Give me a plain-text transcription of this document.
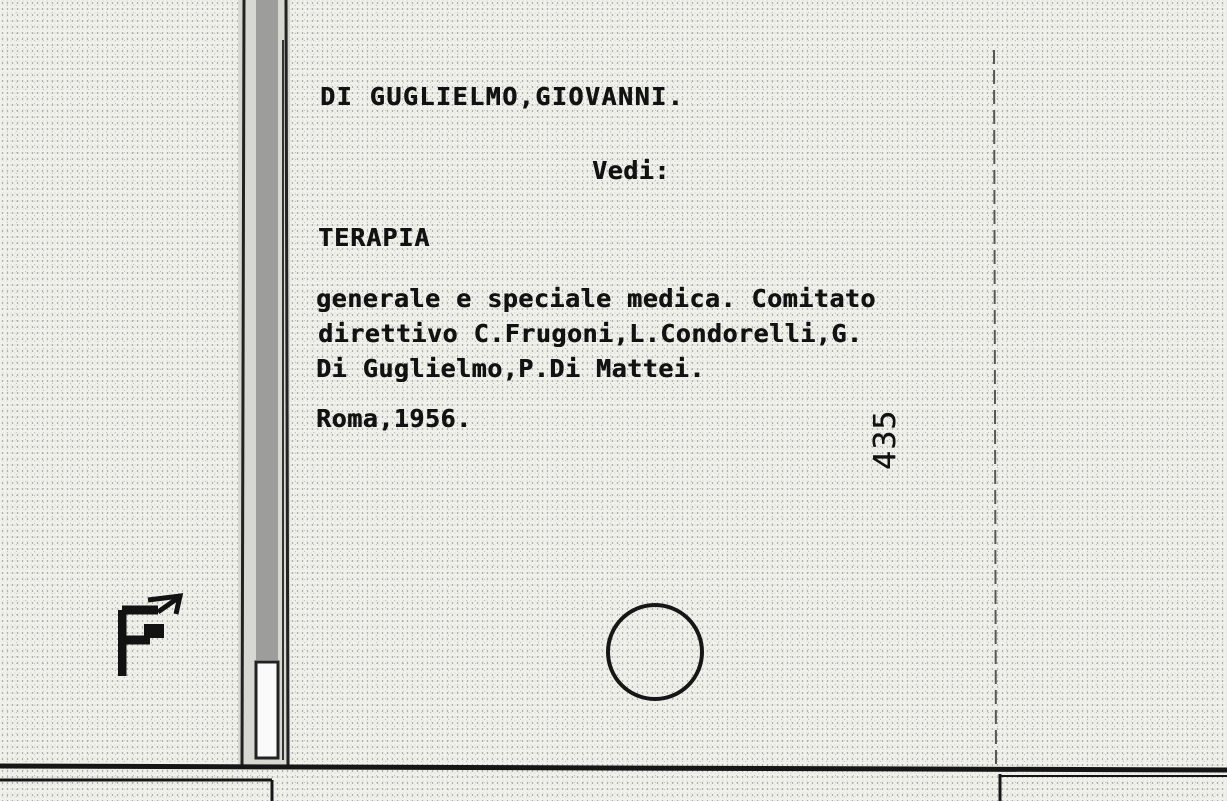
DI GUGLIELMO,GIOVANNI.
Vedi:
TERAPIA
generale e speciale medica. Comitato
direttivo C.Frugoni,L.Condorelli,G.
Di Guglielmo,P.Di Mattei.
Roma,1956.	435
